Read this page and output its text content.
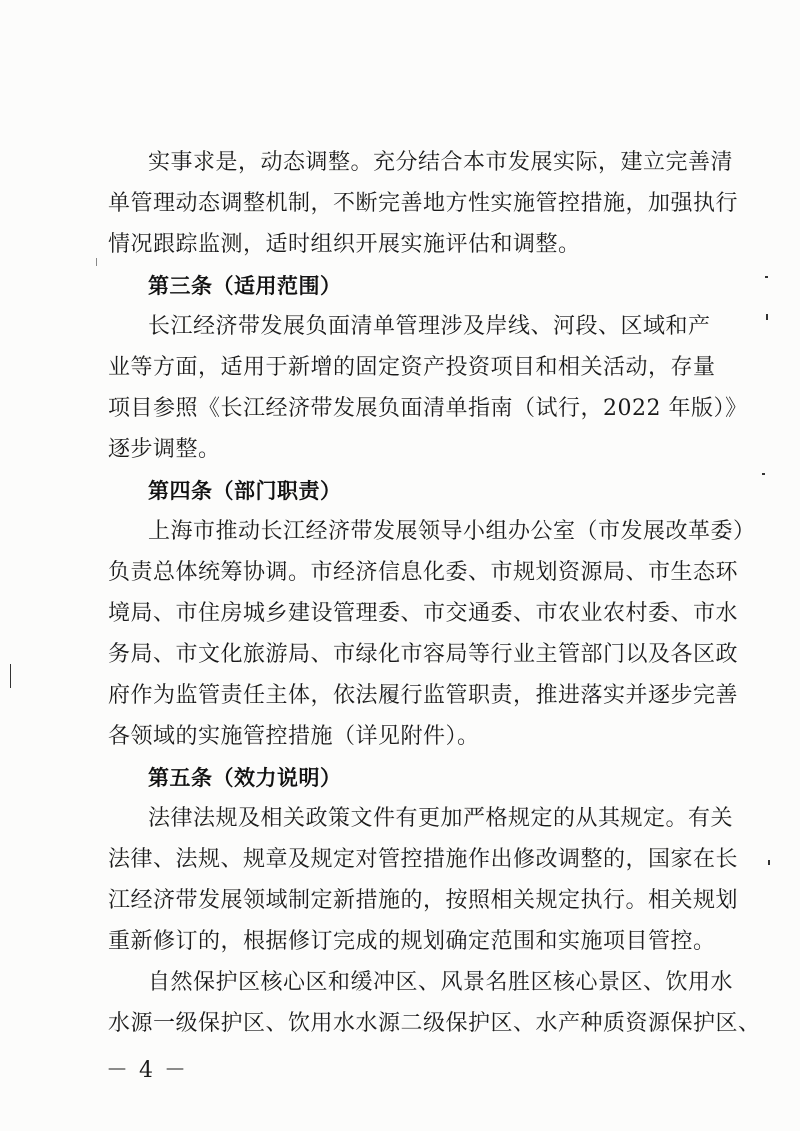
实事求是，动态调整。充分结合本市发展实际，建立完善清
单管理动态调整机制，不断完善地方性实施管控措施，加强执行
情况跟踪监测，适时组织开展实施评估和调整。
第三条（适用范围）
长江经济带发展负面清单管理涉及岸线、河段、区域和产
业等方面，适用于新增的固定资产投资项目和相关活动，存量
项目参照《长江经济带发展负面清单指南（试行，2022 年版）》
逐步调整。
第四条（部门职责）
上海市推动长江经济带发展领导小组办公室（市发展改革委）
负责总体统筹协调。市经济信息化委、市规划资源局、市生态环
境局、市住房城乡建设管理委、市交通委、市农业农村委、市水
务局、市文化旅游局、市绿化市容局等行业主管部门以及各区政
府作为监管责任主体，依法履行监管职责，推进落实并逐步完善
各领域的实施管控措施（详见附件）。
第五条（效力说明）
法律法规及相关政策文件有更加严格规定的从其规定。有关
法律、法规、规章及规定对管控措施作出修改调整的，国家在长
江经济带发展领域制定新措施的，按照相关规定执行。相关规划
重新修订的，根据修订完成的规划确定范围和实施项目管控。
自然保护区核心区和缓冲区、风景名胜区核心景区、饮用水
水源一级保护区、饮用水水源二级保护区、水产种质资源保护区、
－ 4 －
